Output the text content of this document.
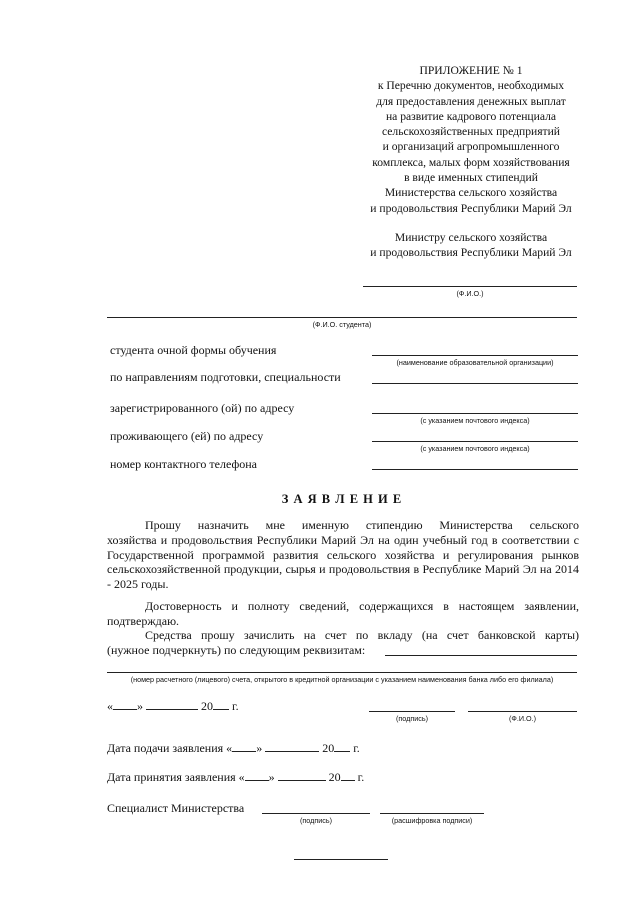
ПРИЛОЖЕНИЕ № 1
к Перечню документов, необходимых
для предоставления денежных выплат
на развитие кадрового потенциала
сельскохозяйственных предприятий
и организаций агропромышленного
комплекса, малых форм хозяйствования
в виде именных стипендий
Министерства сельского хозяйства
и продовольствия Республики Марий Эл
Министру сельского хозяйства
и продовольствия Республики Марий Эл
(Ф.И.О.)
(Ф.И.О. студента)
студента очной формы обучения
(наименование образовательной организации)
по направлениям подготовки, специальности
зарегистрированного (ой) по адресу
(с указанием почтового индекса)
проживающего (ей) по адресу
(с указанием почтового индекса)
номер контактного телефона
З А Я В Л Е Н И Е
Прошу назначить мне именную стипендию Министерства сельского
хозяйства и продовольствия Республики Марий Эл на один учебный год в соответствии с Государственной программой развития сельского хозяйства и регулирования рынков сельскохозяйственной продукции, сырья и продовольствия в Республике Марий Эл на 2014 - 2025 годы.
Достоверность и полноту сведений, содержащихся в настоящем заявлении, подтверждаю.
Средства прошу зачислить на счет по вкладу (на счет банковской карты)
(нужное подчеркнуть) по следующим реквизитам:
(номер расчетного (лицевого) счета, открытого в кредитной организации с указанием наименования банка либо его филиала)
« »	20 г.
(подпись)	(Ф.И.О.)
Дата подачи заявления « »	20 г.
Дата принятия заявления « »	20 г.
Специалист Министерства
(подпись)	(расшифровка подписи)
